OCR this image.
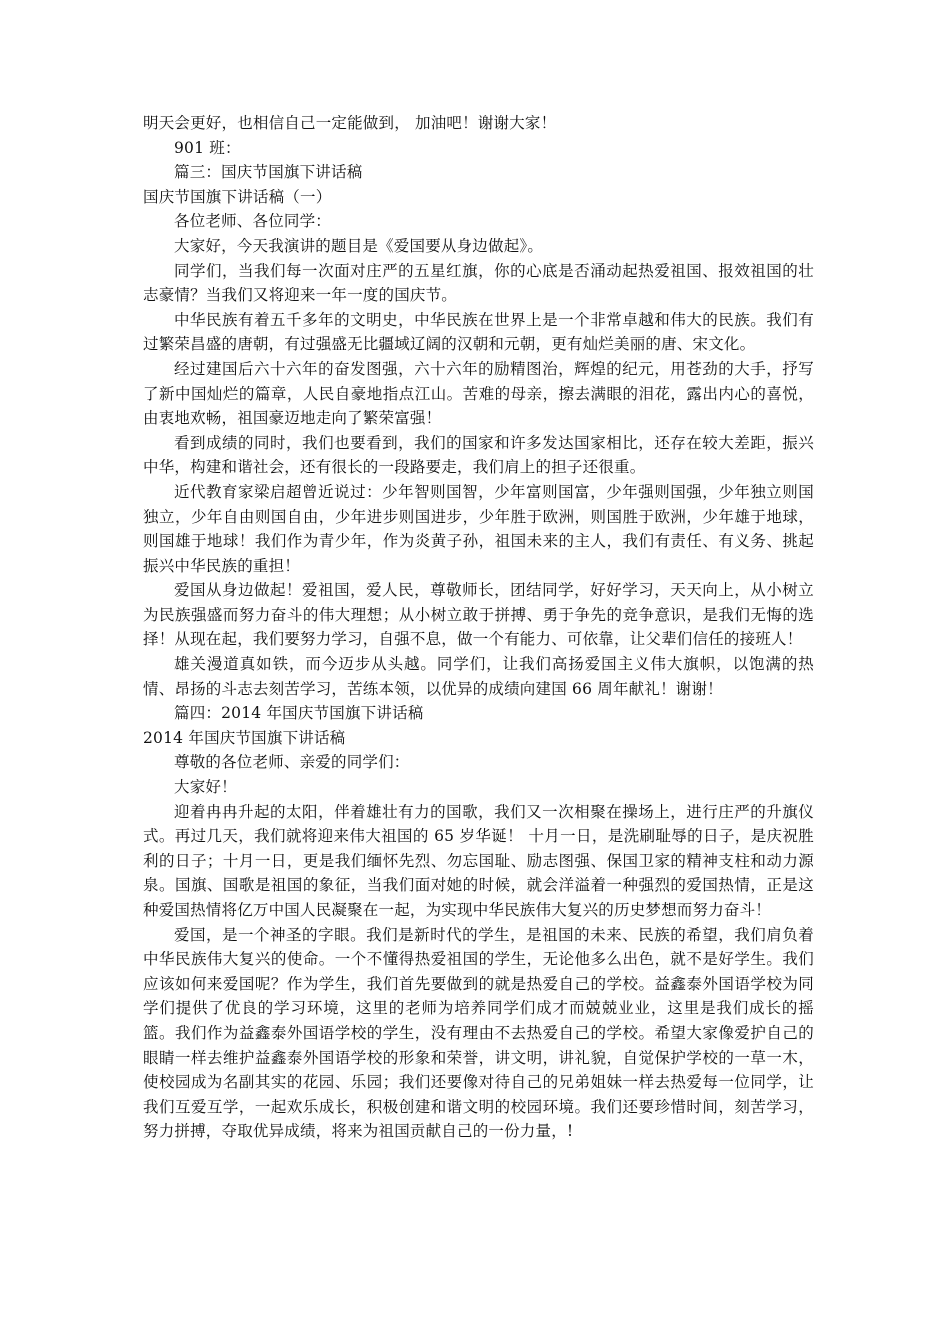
明天会更好，也相信自己一定能做到， 加油吧！谢谢大家！

901 班：

篇三：国庆节国旗下讲话稿

国庆节国旗下讲话稿（一）

各位老师、各位同学：

大家好，今天我演讲的题目是《爱国要从身边做起》。

同学们，当我们每一次面对庄严的五星红旗，你的心底是否涌动起热爱祖国、报效祖国的壮志豪情？当我们又将迎来一年一度的国庆节。

中华民族有着五千多年的文明史，中华民族在世界上是一个非常卓越和伟大的民族。我们有过繁荣昌盛的唐朝，有过强盛无比疆域辽阔的汉朝和元朝，更有灿烂美丽的唐、宋文化。

经过建国后六十六年的奋发图强，六十六年的励精图治，辉煌的纪元，用苍劲的大手，抒写了新中国灿烂的篇章，人民自豪地指点江山。苦难的母亲，擦去满眼的泪花，露出内心的喜悦，由衷地欢畅，祖国豪迈地走向了繁荣富强！

看到成绩的同时，我们也要看到，我们的国家和许多发达国家相比，还存在较大差距，振兴中华，构建和谐社会，还有很长的一段路要走，我们肩上的担子还很重。

近代教育家梁启超曾近说过：少年智则国智，少年富则国富，少年强则国强，少年独立则国独立，少年自由则国自由，少年进步则国进步，少年胜于欧洲，则国胜于欧洲，少年雄于地球，则国雄于地球！我们作为青少年，作为炎黄子孙，祖国未来的主人，我们有责任、有义务、挑起振兴中华民族的重担！

爱国从身边做起！爱祖国，爱人民，尊敬师长，团结同学，好好学习，天天向上，从小树立为民族强盛而努力奋斗的伟大理想；从小树立敢于拼搏、勇于争先的竞争意识，是我们无悔的选择！从现在起，我们要努力学习，自强不息，做一个有能力、可依靠，让父辈们信任的接班人！

雄关漫道真如铁，而今迈步从头越。同学们，让我们高扬爱国主义伟大旗帜，以饱满的热情、昂扬的斗志去刻苦学习，苦练本领，以优异的成绩向建国 66 周年献礼！谢谢！

篇四：2014 年国庆节国旗下讲话稿

2014 年国庆节国旗下讲话稿

尊敬的各位老师、亲爱的同学们：

大家好！

迎着冉冉升起的太阳，伴着雄壮有力的国歌，我们又一次相聚在操场上，进行庄严的升旗仪式。再过几天，我们就将迎来伟大祖国的 65 岁华诞！ 十月一日，是洗刷耻辱的日子，是庆祝胜利的日子；十月一日，更是我们缅怀先烈、勿忘国耻、励志图强、保国卫家的精神支柱和动力源泉。国旗、国歌是祖国的象征，当我们面对她的时候，就会洋溢着一种强烈的爱国热情，正是这种爱国热情将亿万中国人民凝聚在一起，为实现中华民族伟大复兴的历史梦想而努力奋斗！

爱国，是一个神圣的字眼。我们是新时代的学生，是祖国的未来、民族的希望，我们肩负着中华民族伟大复兴的使命。一个不懂得热爱祖国的学生，无论他多么出色，就不是好学生。我们应该如何来爱国呢？作为学生，我们首先要做到的就是热爱自己的学校。益鑫泰外国语学校为同学们提供了优良的学习环境，这里的老师为培养同学们成才而兢兢业业，这里是我们成长的摇篮。我们作为益鑫泰外国语学校的学生，没有理由不去热爱自己的学校。希望大家像爱护自己的眼睛一样去维护益鑫泰外国语学校的形象和荣誉，讲文明，讲礼貌，自觉保护学校的一草一木，使校园成为名副其实的花园、乐园；我们还要像对待自己的兄弟姐妹一样去热爱每一位同学，让我们互爱互学，一起欢乐成长，积极创建和谐文明的校园环境。我们还要珍惜时间，刻苦学习，努力拼搏，夺取优异成绩，将来为祖国贡献自己的一份力量，!
